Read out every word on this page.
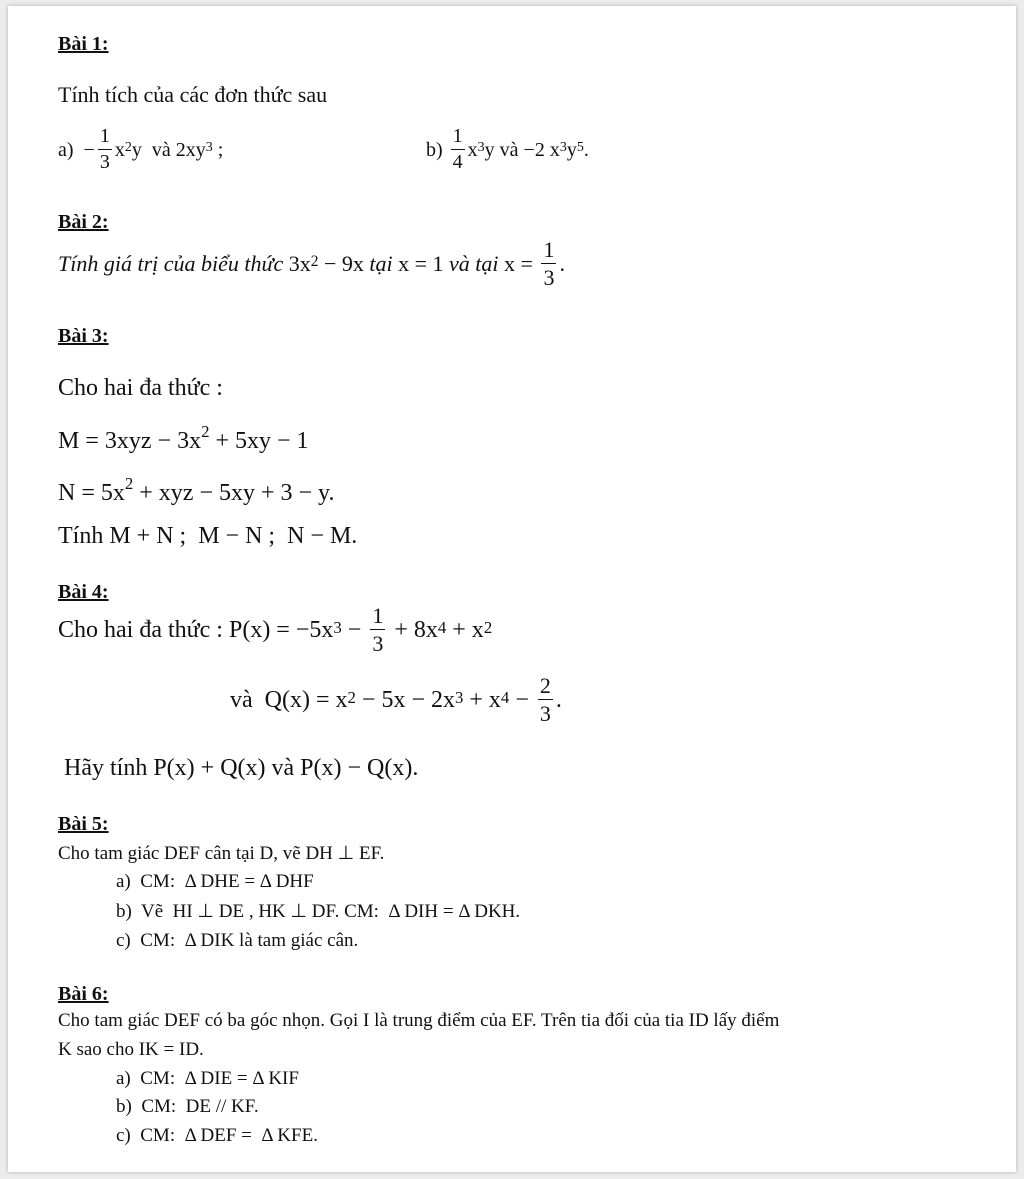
Bài 1:
Tính tích của các đơn thức sau
$a) - \frac{1}{3} x^2$ y  và $2xy^3$ ;	$b) \frac{1}{4} x^3$ y và −2 $x^3$ $y^5$ .
Bài 2:
Tính giá trị của biểu thức $3x^2 - 9x$ tại x = 1 và tại $x = \frac{1}{3}$ .
Bài 3:
Cho hai đa thức :
$M = 3xyz - 3x^2 + 5xy - 1$
$N = 5x^2$ + xyz − 5xy + 3 − y.
Tính M + N ;  M − N ;  N − M.
Bài 4:
Cho hai đa thức : $P(x) = -5x^3 - \frac{1}{3} + 8x^4 + x^2$
và  $Q(x) = x^2 - 5x - 2x^3 + x^4 - \frac{2}{3}$ .
Hãy tính P(x) + Q(x) và P(x) − Q(x).
Bài 5:
Cho tam giác DEF cân tại D, vẽ DH ⊥ EF.
a)  CM:  Δ DHE = Δ DHF
b)  Vẽ  HI ⊥ DE , HK ⊥ DF. CM:  Δ DIH = Δ DKH.
c)  CM:  Δ DIK là tam giác cân.
Bài 6:
Cho tam giác DEF có ba góc nhọn. Gọi I là trung điểm của EF. Trên tia đối của tia ID lấy điểm
K sao cho IK = ID.
a)  CM:  Δ DIE = Δ KIF
b)  CM:  DE // KF.
c)  CM:  Δ DEF =  Δ KFE.
